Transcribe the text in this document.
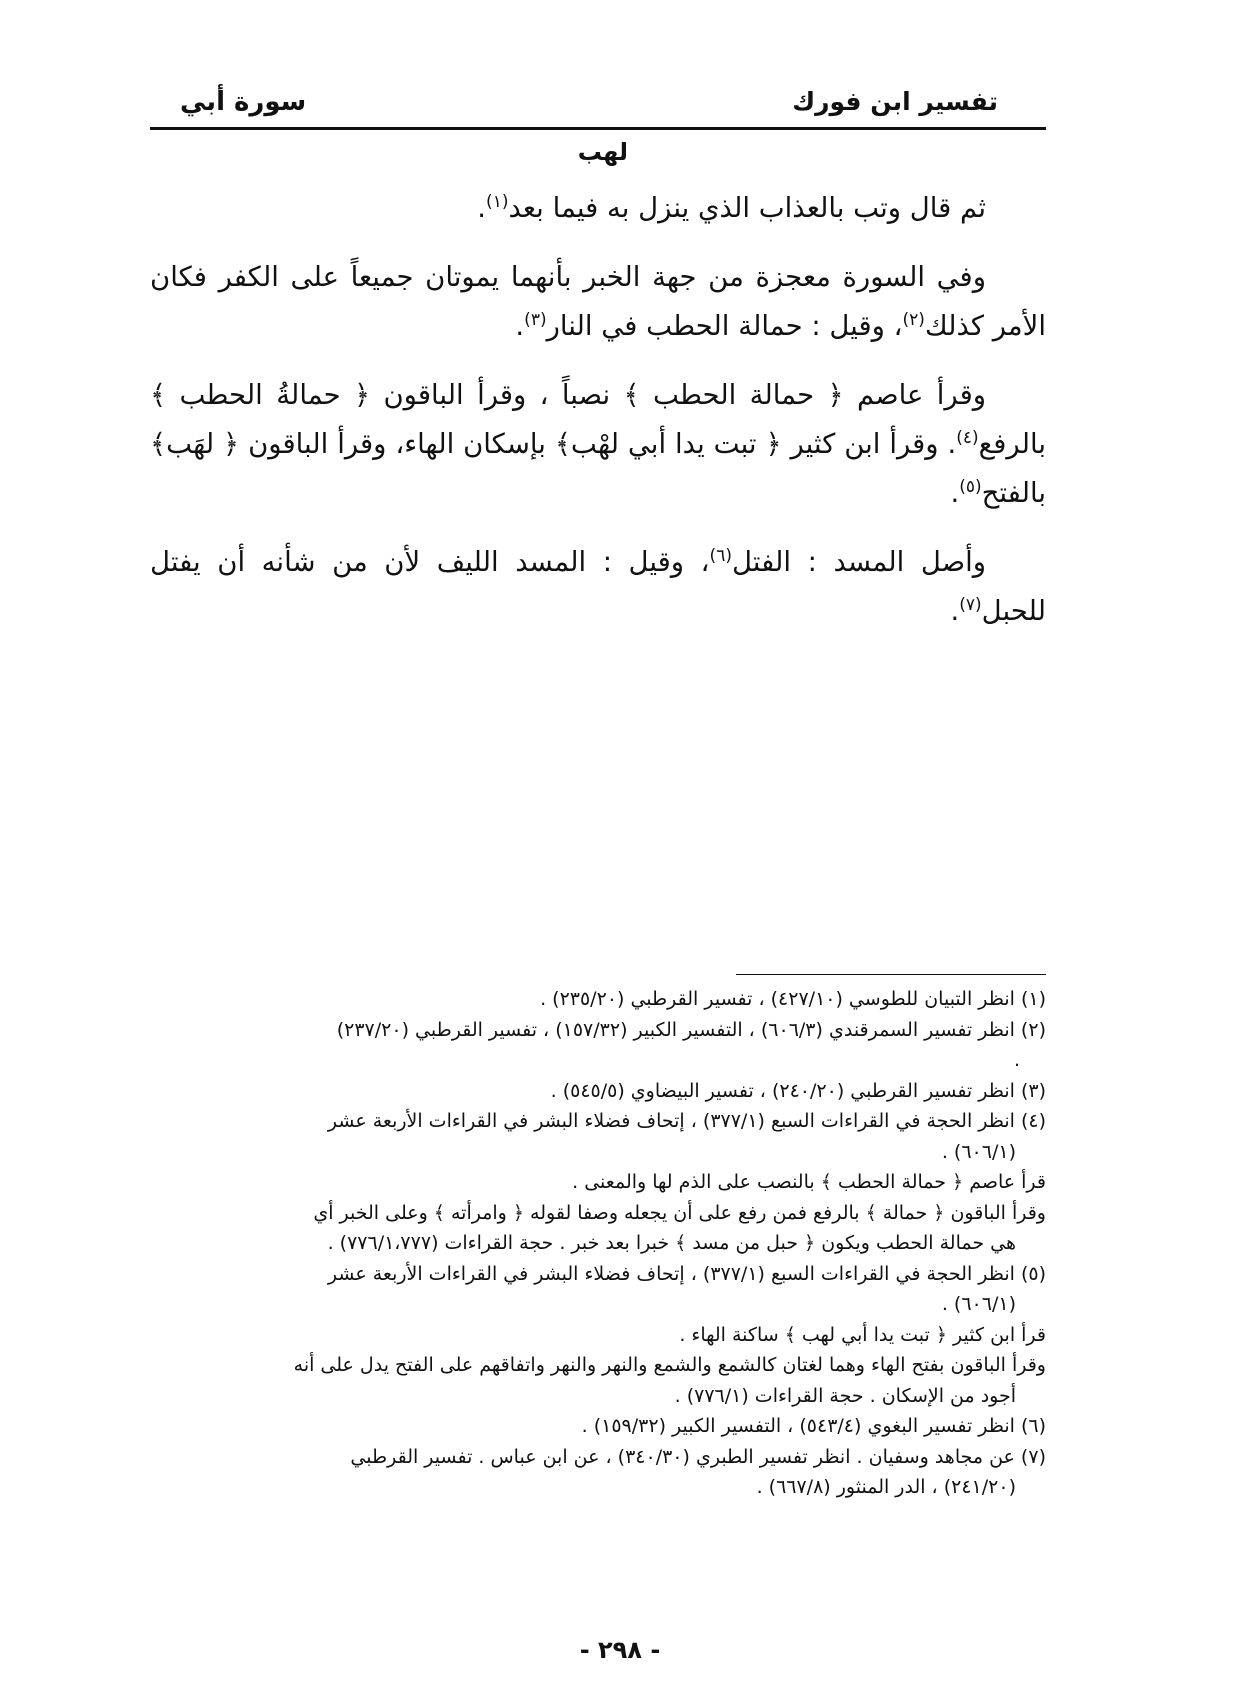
تفسير ابن فورك
سورة أبي
لهب

ثم قال وتب بالعذاب الذي ينزل به فيما بعد$^{(١)}$.

وفي السورة معجزة من جهة الخبر بأنهما يموتان جميعاً على الكفر فكان الأمر كذلك$^{(٢)}$، وقيل : حمالة الحطب في النار$^{(٣)}$.

وقرأ عاصم ﴿ حمالة الحطب ﴾ نصباً ، وقرأ الباقون ﴿ حمالةُ الحطب ﴾ بالرفع$^{(٤)}$. وقرأ ابن كثير ﴿ تبت يدا أبي لهْب﴾ بإسكان الهاء، وقرأ الباقون ﴿ لهَب﴾ بالفتح$^{(٥)}$.

وأصل المسد : الفتل$^{(٦)}$، وقيل : المسد الليف لأن من شأنه أن يفتل للحبل$^{(٧)}$.

(١) انظر التبيان للطوسي (٤٢٧/١٠) ، تفسير القرطبي (٢٣٥/٢٠) .
(٢) انظر تفسير السمرقندي (٦٠٦/٣) ، التفسير الكبير (١٥٧/٣٢) ، تفسير القرطبي (٢٣٧/٢٠)
.
(٣) انظر تفسير القرطبي (٢٤٠/٢٠) ، تفسير البيضاوي (٥٤٥/٥) .
(٤) انظر الحجة في القراءات السبع (٣٧٧/١) ، إتحاف فضلاء البشر في القراءات الأربعة عشر
(٦٠٦/١) .
قرأ عاصم ﴿ حمالة الحطب ﴾ بالنصب على الذم لها والمعنى .
وقرأ الباقون ﴿ حمالة ﴾ بالرفع فمن رفع على أن يجعله وصفا لقوله ﴿ وامرأته ﴾ وعلى الخبر أي
هي حمالة الحطب ويكون ﴿ حبل من مسد ﴾ خبرا بعد خبر . حجة القراءات (٧٧٦/١،٧٧٧) .
(٥) انظر الحجة في القراءات السبع (٣٧٧/١) ، إتحاف فضلاء البشر في القراءات الأربعة عشر
(٦٠٦/١) .
قرأ ابن كثير ﴿ تبت يدا أبي لهب ﴾ ساكنة الهاء .
وقرأ الباقون بفتح الهاء وهما لغتان كالشمع والشمع والنهر والنهر واتفاقهم على الفتح يدل على أنه
أجود من الإسكان . حجة القراءات (٧٧٦/١) .
(٦) انظر تفسير البغوي (٥٤٣/٤) ، التفسير الكبير (١٥٩/٣٢) .
(٧) عن مجاهد وسفيان . انظر تفسير الطبري (٣٤٠/٣٠) ، عن ابن عباس . تفسير القرطبي
(٢٤١/٢٠) ، الدر المنثور (٦٦٧/٨) .
- ٢٩٨ -
